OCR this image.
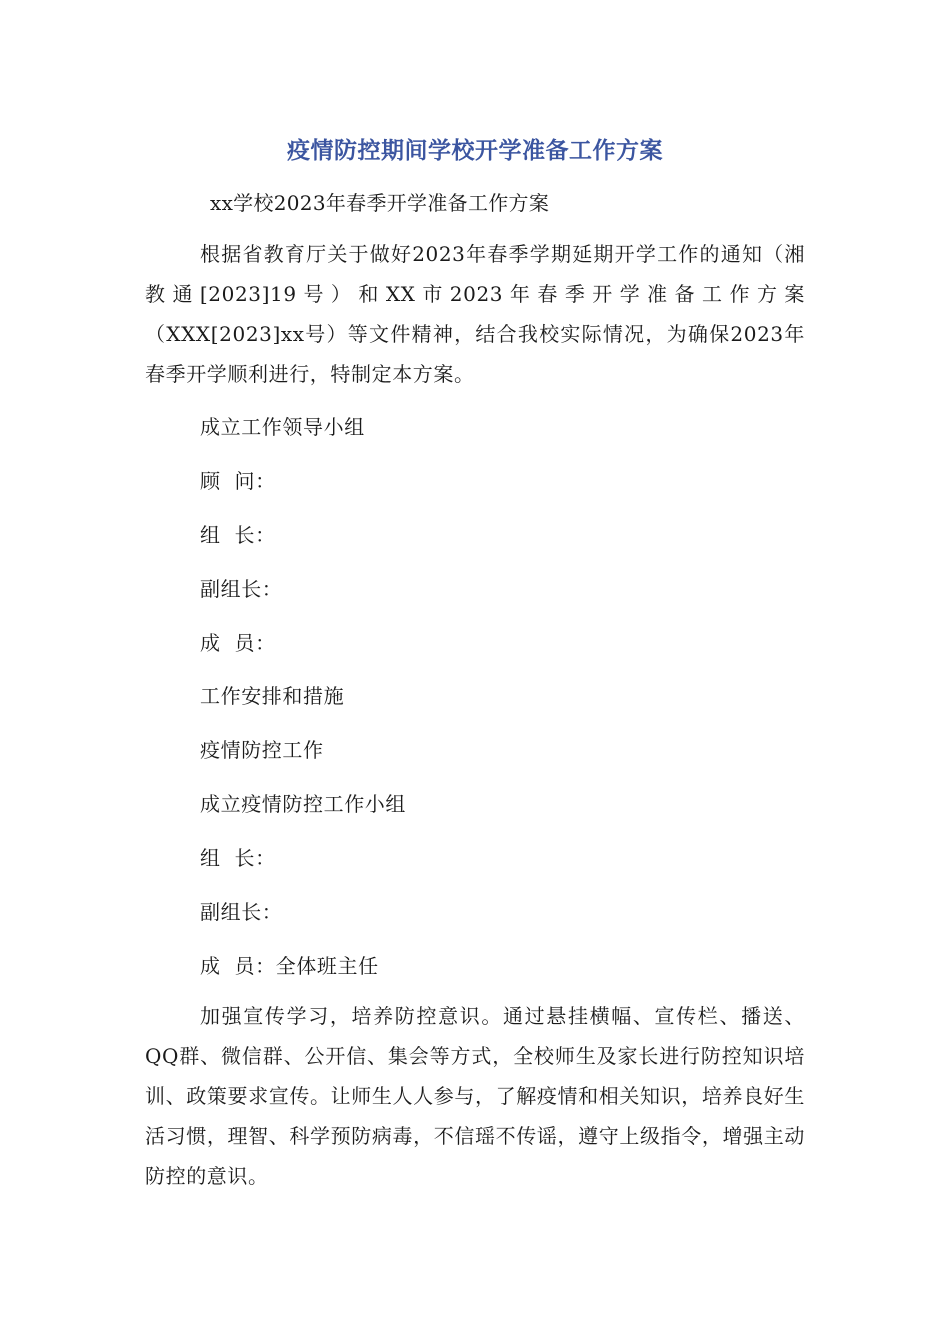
疫情防控期间学校开学准备工作方案
xx学校2023年春季开学准备工作方案
根据省教育厅关于做好2023年春季学期延期开学工作的通知（湘教通[2023]19号）和XX市2023年春季开学准备工作方案（XXX[2023]xx号）等文件精神，结合我校实际情况，为确保2023年春季开学顺利进行，特制定本方案。
成立工作领导小组
顾  问：
组  长：
副组长：
成  员：
工作安排和措施
疫情防控工作
成立疫情防控工作小组
组  长：
副组长：
成  员：全体班主任
加强宣传学习，培养防控意识。通过悬挂横幅、宣传栏、播送、QQ群、微信群、公开信、集会等方式，全校师生及家长进行防控知识培训、政策要求宣传。让师生人人参与，了解疫情和相关知识，培养良好生活习惯，理智、科学预防病毒，不信瑶不传谣，遵守上级指令，增强主动防控的意识。
